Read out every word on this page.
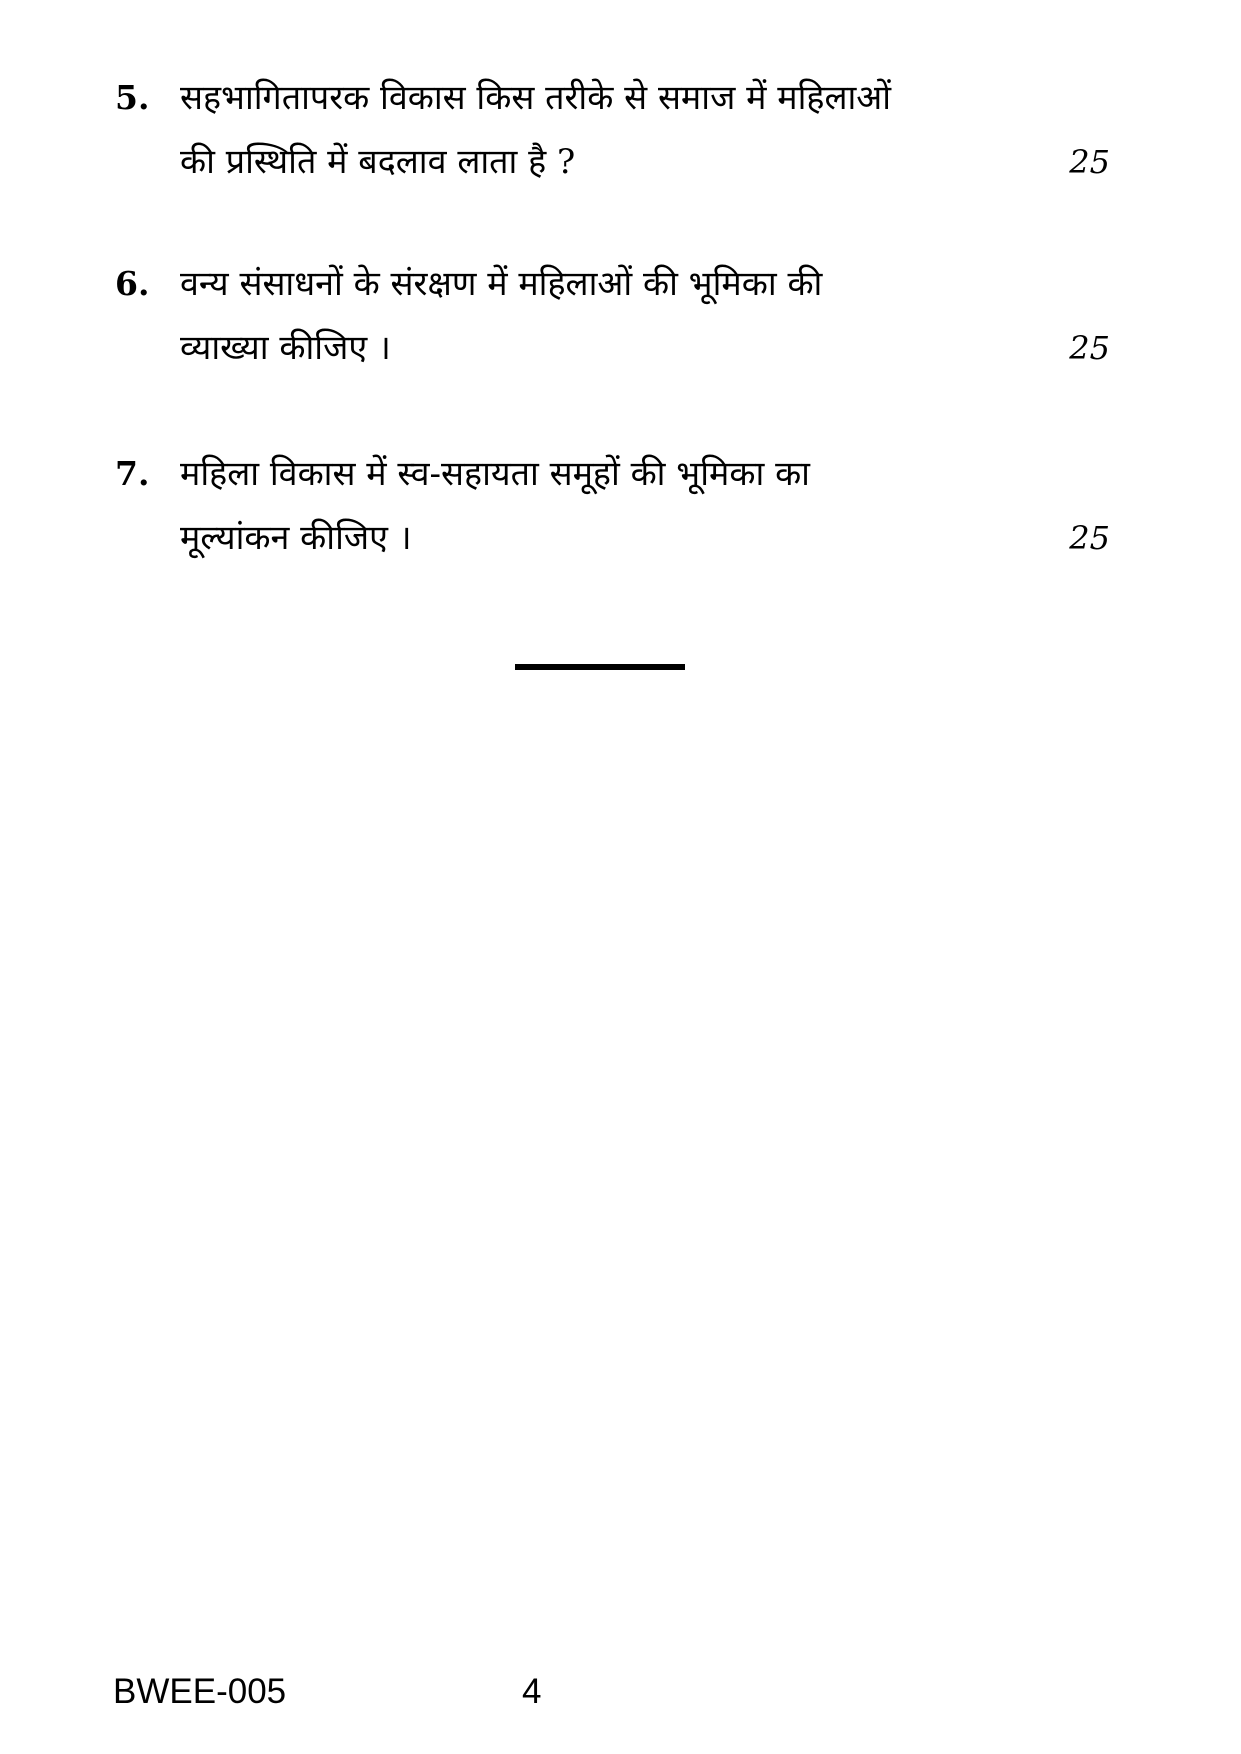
5. सहभागितापरक विकास किस तरीके से समाज में महिलाओं
की प्रस्थिति में बदलाव लाता है ?	25
6. वन्य संसाधनों के संरक्षण में महिलाओं की भूमिका की
व्याख्या कीजिए ।	25
7. महिला विकास में स्व-सहायता समूहों की भूमिका का
मूल्यांकन कीजिए ।	25
BWEE-005	4
